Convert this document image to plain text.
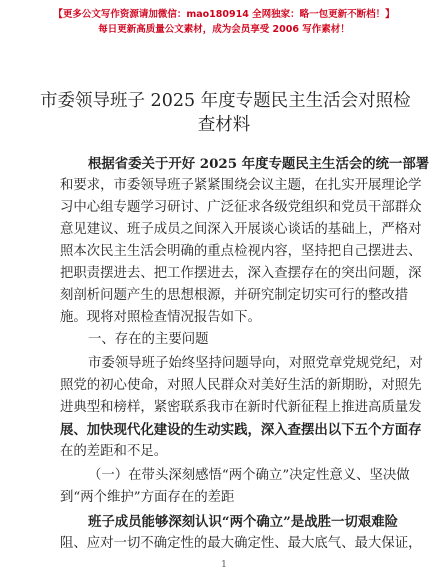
【更多公文写作资源请加微信：mao180914 全网独家：略一包更新不断档！】
每日更新高质量公文素材，成为会员享受 2006 写作素材！
市委领导班子 2025 年度专题民主生活会对照检
查材料
根据省委关于开好 2025 年度专题民主生活会的统一部署
和要求，市委领导班子紧紧围绕会议主题，在扎实开展理论学
习中心组专题学习研讨、广泛征求各级党组织和党员干部群众
意见建议、班子成员之间深入开展谈心谈话的基础上，严格对
照本次民主生活会明确的重点检视内容，坚持把自己摆进去、
把职责摆进去、把工作摆进去，深入查摆存在的突出问题，深
刻剖析问题产生的思想根源，并研究制定切实可行的整改措
施。现将对照检查情况报告如下。
一、存在的主要问题
市委领导班子始终坚持问题导向，对照党章党规党纪，对
照党的初心使命，对照人民群众对美好生活的新期盼，对照先
进典型和榜样，紧密联系我市在新时代新征程上推进高质量发
展、加快现代化建设的生动实践，深入查摆出以下五个方面存
在的差距和不足。
（一）在带头深刻感悟“两个确立”决定性意义、坚决做
到“两个维护”方面存在的差距
班子成员能够深刻认识“两个确立”是战胜一切艰难险
阻、应对一切不确定性的最大确定性、最大底气、最大保证，
1
